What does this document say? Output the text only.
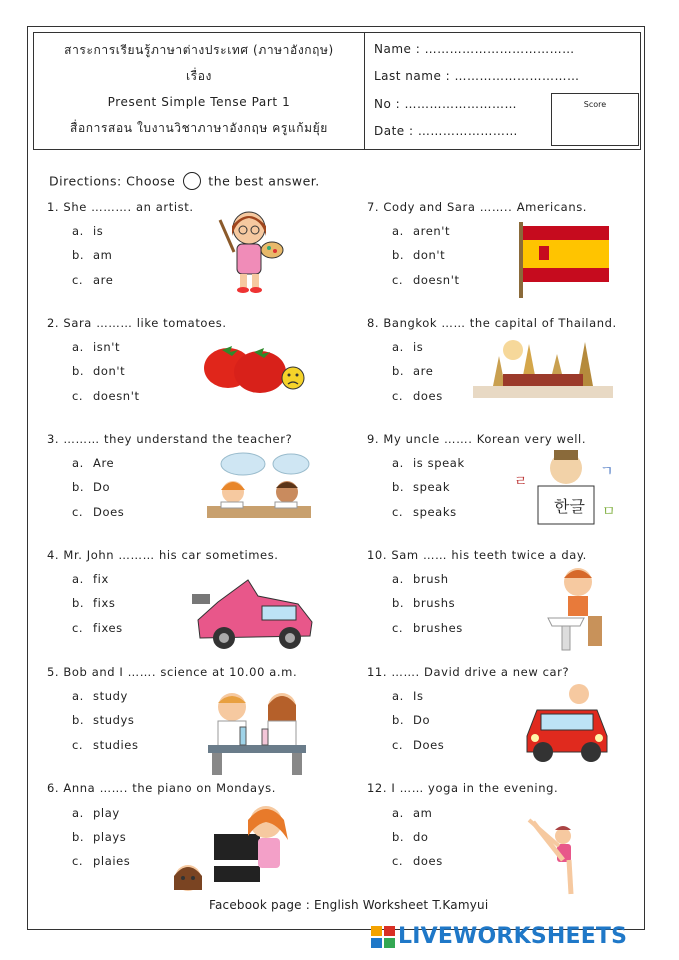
สาระการเรียนรู้ภาษาต่างประเทศ (ภาษาอังกฤษ)
เรื่อง
Present Simple Tense Part 1
สื่อการสอน ใบงานวิชาภาษาอังกฤษ ครูแก้มยุ้ย
Name : ………………………………
Last name : …………………………
No : ………………………
Date : ……………………
Score
Directions: Choose	the best answer.
1. She ………. an artist.
a. is
b. am
c. are
2. Sara ……… like tomatoes.
a. isn't
b. don't
c. doesn't
3. ……… they understand the teacher?
a. Are
b. Do
c. Does
4. Mr. John ……… his car sometimes.
a. fix
b. fixs
c. fixes
5. Bob and I ……. science at 10.00 a.m.
a. study
b. studys
c. studies
6. Anna ……. the piano on Mondays.
a. play
b. plays
c. plaies
7. Cody and Sara …….. Americans.
a. aren't
b. don't
c. doesn't
8. Bangkok …… the capital of Thailand.
a. is
b. are
c. does
9. My uncle ……. Korean very well.
a. is speak
b. speak
c. speaks
10. Sam …… his teeth twice a day.
a. brush
b. brushs
c. brushes
11. ……. David drive a new car?
a. Is
b. Do
c. Does
12. I …… yoga in the evening.
a. am
b. do
c. does
한글
ㄹ
ㄱ
ㅁ
Facebook page : English Worksheet T.Kamyui
LIVEWORKSHEETS
